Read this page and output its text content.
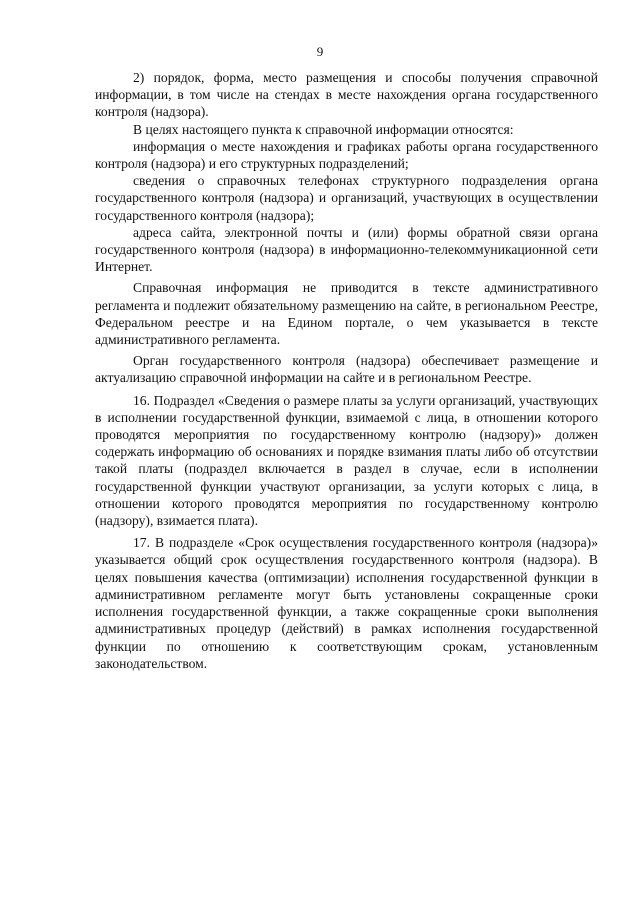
9

2) порядок, форма, место размещения и способы получения справочной информации, в том числе на стендах в месте нахождения органа государственного контроля (надзора).

В целях настоящего пункта к справочной информации относятся:

информация о месте нахождения и графиках работы органа государственного контроля (надзора) и его структурных подразделений;

сведения о справочных телефонах структурного подразделения органа государственного контроля (надзора) и организаций, участвующих в осуществлении государственного контроля (надзора);

адреса сайта, электронной почты и (или) формы обратной связи органа государственного контроля (надзора) в информационно-телекоммуникационной сети Интернет.

Справочная информация не приводится в тексте административного регламента и подлежит обязательному размещению на сайте, в региональном Реестре, Федеральном реестре и на Едином портале, о чем указывается в тексте административного регламента.

Орган государственного контроля (надзора) обеспечивает размещение и актуализацию справочной информации на сайте и в региональном Реестре.

16. Подраздел «Сведения о размере платы за услуги организаций, участвующих в исполнении государственной функции, взимаемой с лица, в отношении которого проводятся мероприятия по государственному контролю (надзору)» должен содержать информацию об основаниях и порядке взимания платы либо об отсутствии такой платы (подраздел включается в раздел в случае, если в исполнении государственной функции участвуют организации, за услуги которых с лица, в отношении которого проводятся мероприятия по государственному контролю (надзору), взимается плата).

17. В подразделе «Срок осуществления государственного контроля (надзора)» указывается общий срок осуществления государственного контроля (надзора). В целях повышения качества (оптимизации) исполнения государственной функции в административном регламенте могут быть установлены сокращенные сроки исполнения государственной функции, а также сокращенные сроки выполнения административных процедур (действий) в рамках исполнения государственной функции по отношению к соответствующим срокам, установленным законодательством.
